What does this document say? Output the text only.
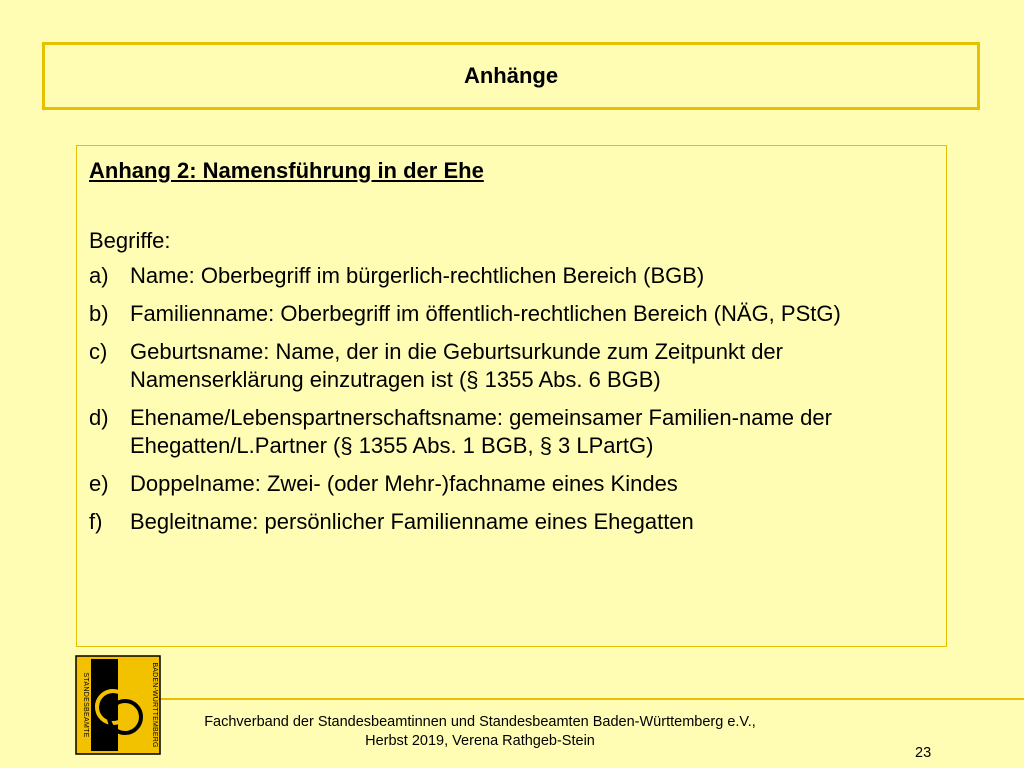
Anhänge

Anhang 2: Namensführung in der Ehe

Begriffe:

a) Name: Oberbegriff im bürgerlich-rechtlichen Bereich (BGB)
b) Familienname: Oberbegriff im öffentlich-rechtlichen Bereich (NÄG, PStG)
c)	Geburtsname: Name, der in die Geburtsurkunde zum Zeitpunkt der Namenserklärung einzutragen ist (§ 1355 Abs. 6 BGB)
d) Ehename/Lebenspartnerschaftsname: gemeinsamer Familien-name der Ehegatten/L.Partner (§ 1355 Abs. 1 BGB, § 3 LPartG)
e) Doppelname: Zwei- (oder Mehr-)fachname eines Kindes
f)	Begleitname: persönlicher Familienname eines Ehegatten
STANDESBEAMTE	BADEN-WÜRTTEMBERG	Fachverband der Standesbeamtinnen und Standesbeamten Baden-Württemberg e.V.,
Herbst 2019, Verena Rathgeb-Stein
23
